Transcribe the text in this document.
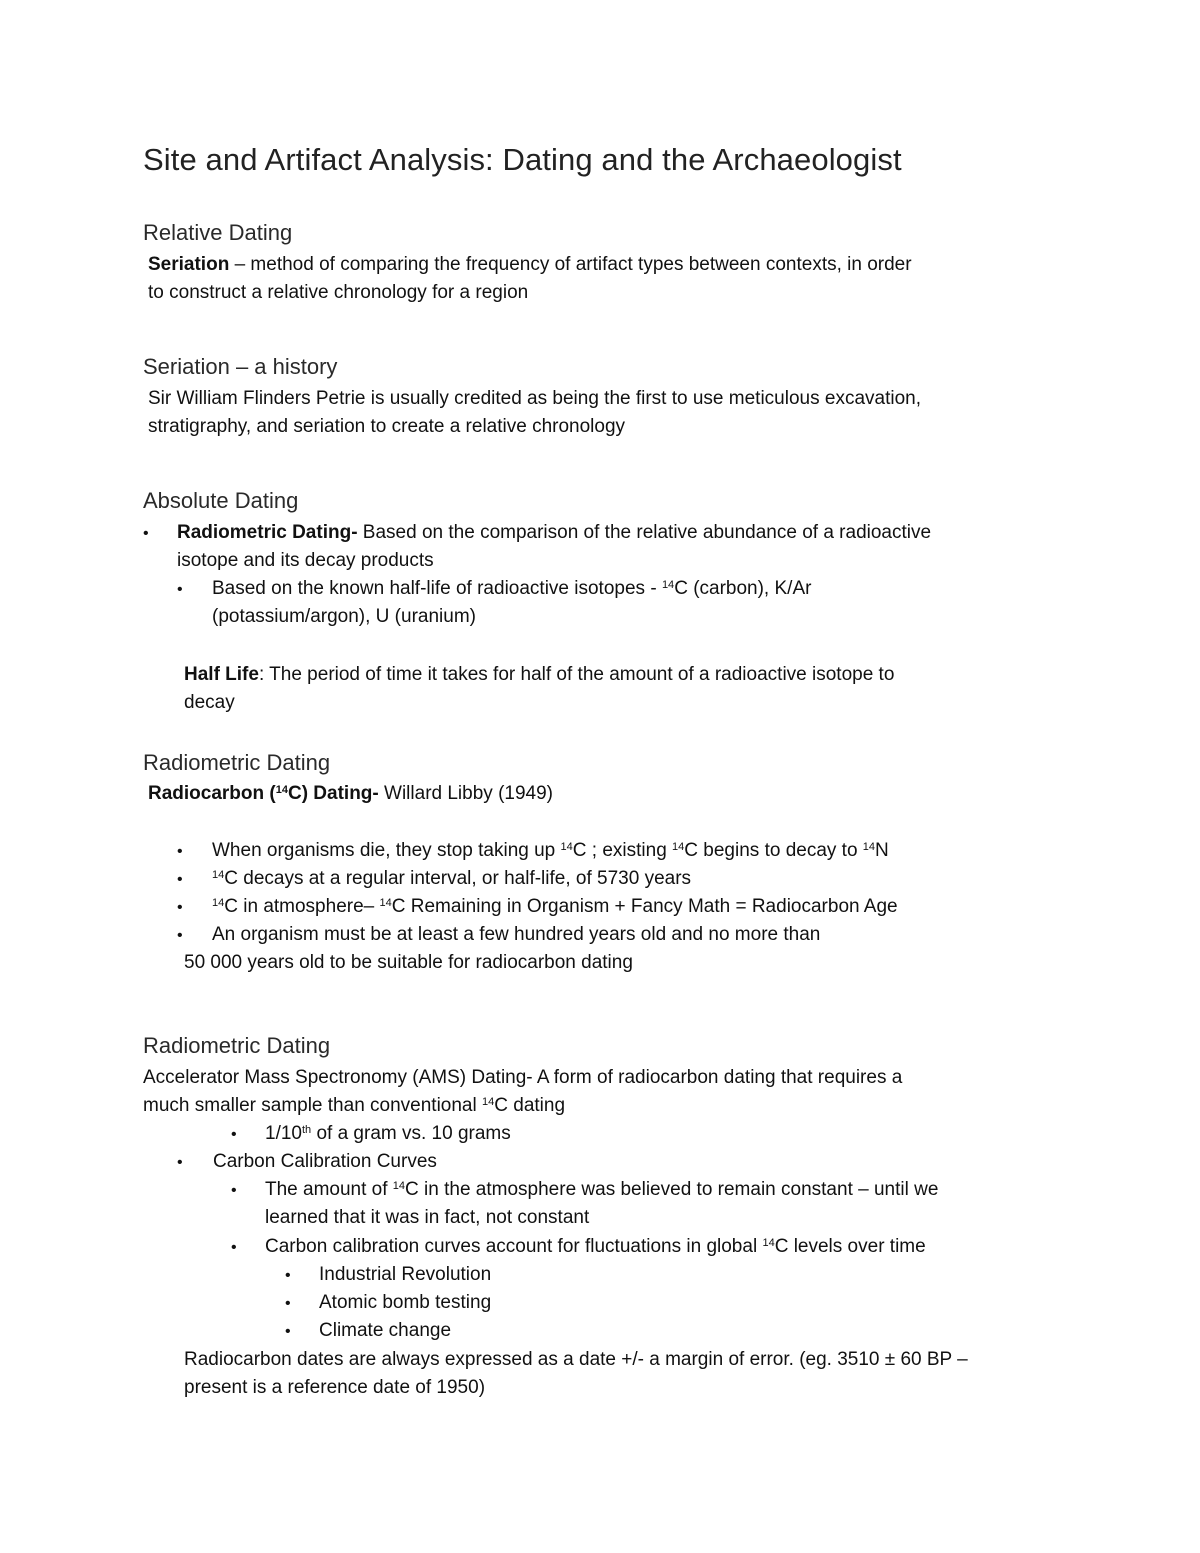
Site and Artifact Analysis: Dating and the Archaeologist
Relative Dating
Seriation – method of comparing the frequency of artifact types between contexts, in order
to construct a relative chronology for a region
Seriation – a history
Sir William Flinders Petrie is usually credited as being the first to use meticulous excavation,
stratigraphy, and seriation to create a relative chronology
Absolute Dating
• Radiometric Dating- Based on the comparison of the relative abundance of a radioactive
isotope and its decay products
• Based on the known half-life of radioactive isotopes - $^{14}$C (carbon), K/Ar
(potassium/argon), U (uranium)
Half Life: The period of time it takes for half of the amount of a radioactive isotope to
decay
Radiometric Dating
Radiocarbon ($^{14}$C) Dating- Willard Libby (1949)
• When organisms die, they stop taking up $^{14}$C ; existing $^{14}$C begins to decay to $^{14}$N
•	$^{14}$C decays at a regular interval, or half-life, of 5730 years
•	$^{14}$C in atmosphere– $^{14}$C Remaining in Organism + Fancy Math = Radiocarbon Age
• An organism must be at least a few hundred years old and no more than
50 000 years old to be suitable for radiocarbon dating
Radiometric Dating
Accelerator Mass Spectronomy (AMS) Dating- A form of radiocarbon dating that requires a
much smaller sample than conventional $^{14}$C dating
• 1/10th of a gram vs. 10 grams
• Carbon Calibration Curves
• The amount of $^{14}$C in the atmosphere was believed to remain constant – until we
learned that it was in fact, not constant
• Carbon calibration curves account for fluctuations in global $^{14}$C levels over time
• Industrial Revolution
• Atomic bomb testing
• Climate change
Radiocarbon dates are always expressed as a date +/- a margin of error. (eg. 3510 ± 60 BP –
present is a reference date of 1950)
